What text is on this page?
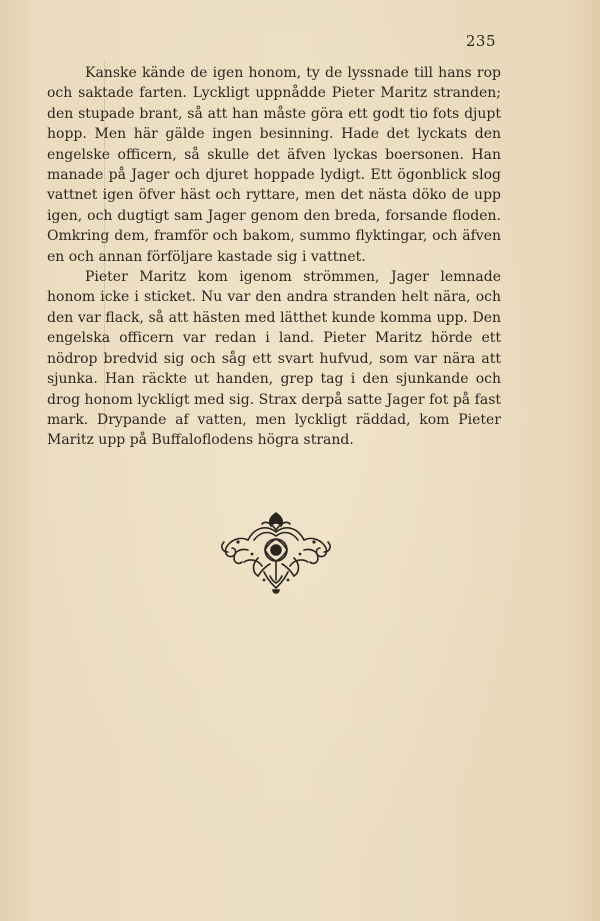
235

Kanske kände de igen honom, ty de lyssnade till hans rop och saktade farten. Lyckligt uppnådde Pieter Maritz stranden; den stupade brant, så att han måste göra ett godt tio fots djupt hopp. Men här gälde ingen besinning. Hade det lyckats den engelske officern, så skulle det äfven lyckas boersonen. Han manade på Jager och djuret hoppade lydigt. Ett ögonblick slog vattnet igen öfver häst och ryttare, men det nästa döko de upp igen, och dugtigt sam Jager genom den breda, forsande floden. Omkring dem, framför och bakom, summo flyktingar, och äfven en och annan förföljare kastade sig i vattnet.

Pieter Maritz kom igenom strömmen, Jager lemnade honom icke i sticket. Nu var den andra stranden helt nära, och den var flack, så att hästen med lätthet kunde komma upp. Den engelska officern var redan i land. Pieter Maritz hörde ett nödrop bredvid sig och såg ett svart hufvud, som var nära att sjunka. Han räckte ut handen, grep tag i den sjunkande och drog honom lyckligt med sig. Strax derpå satte Jager fot på fast mark. Drypande af vatten, men lyckligt räddad, kom Pieter Maritz upp på Buffaloflodens högra strand.
